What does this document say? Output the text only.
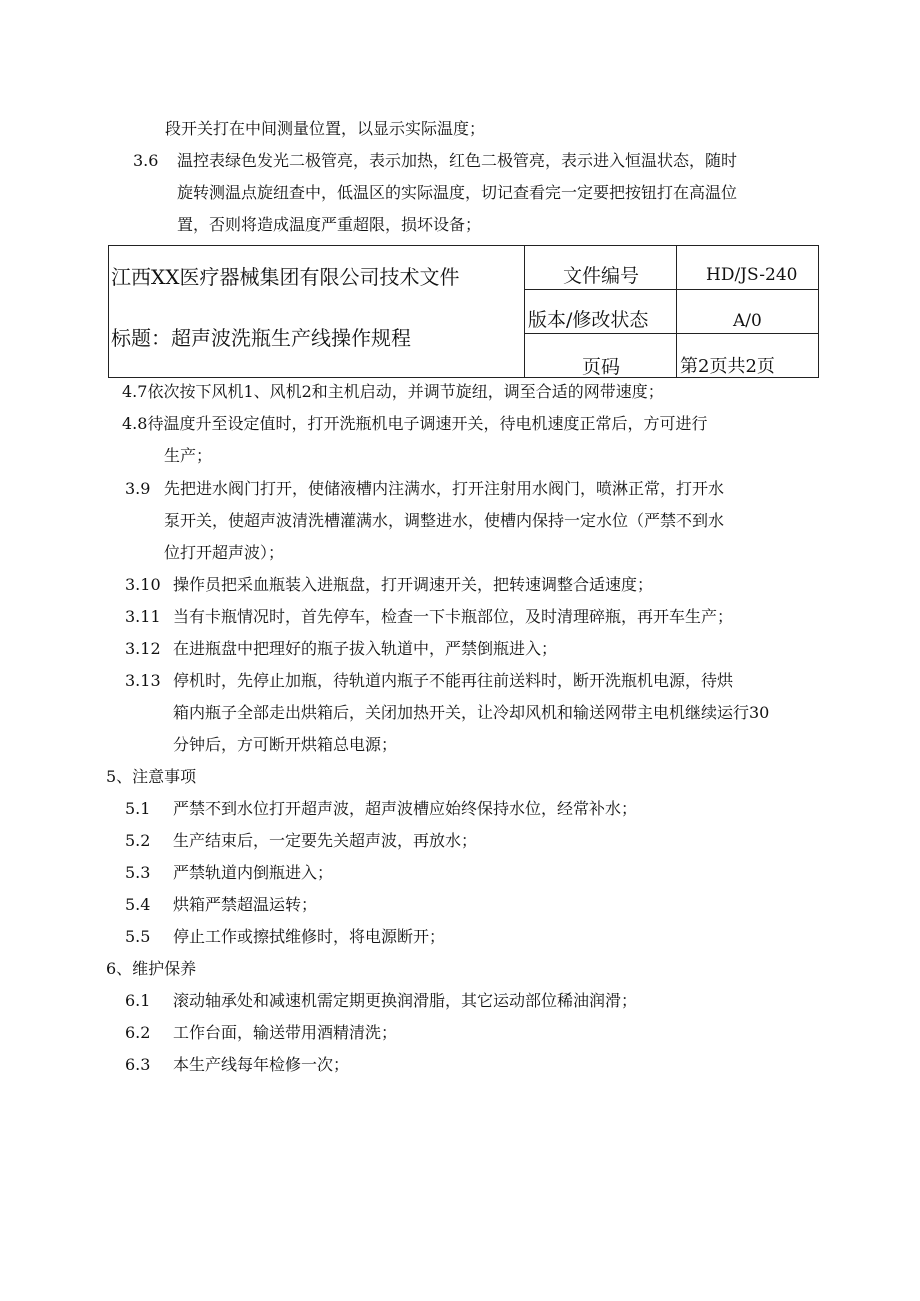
段开关打在中间测量位置，以显示实际温度；
3.6 温控表绿色发光二极管亮，表示加热，红色二极管亮，表示进入恒温状态，随时
旋转测温点旋纽查中，低温区的实际温度，切记查看完一定要把按钮打在高温位
置，否则将造成温度严重超限，损坏设备；
江西XX医疗器械集团有限公司技术文件	文件编号	HD/JS-240
标题：超声波洗瓶生产线操作规程
版本/修改状态	A/0
页码	第2页共2页
4.7依次按下风机1、风机2和主机启动，并调节旋纽，调至合适的网带速度；
4.8待温度升至设定值时，打开洗瓶机电子调速开关，待电机速度正常后，方可进行
生产；
3.9 先把进水阀门打开，使储液槽内注满水，打开注射用水阀门，喷淋正常，打开水
泵开关，使超声波清洗槽灌满水，调整进水，使槽内保持一定水位（严禁不到水
位打开超声波）；
3.10 操作员把采血瓶装入进瓶盘，打开调速开关，把转速调整合适速度；
3.11 当有卡瓶情况时，首先停车，检查一下卡瓶部位，及时清理碎瓶，再开车生产；
3.12 在进瓶盘中把理好的瓶子拔入轨道中，严禁倒瓶进入；
3.13 停机时，先停止加瓶，待轨道内瓶子不能再往前送料时，断开洗瓶机电源，待烘
箱内瓶子全部走出烘箱后，关闭加热开关，让冷却风机和输送网带主电机继续运行30
分钟后，方可断开烘箱总电源；
5、注意事项
5.1 严禁不到水位打开超声波，超声波槽应始终保持水位，经常补水；
5.2 生产结束后，一定要先关超声波，再放水；
5.3 严禁轨道内倒瓶进入；
5.4 烘箱严禁超温运转；
5.5 停止工作或擦拭维修时，将电源断开；
6、维护保养
6.1 滚动轴承处和减速机需定期更换润滑脂，其它运动部位稀油润滑；
6.2 工作台面，输送带用酒精清洗；
6.3 本生产线每年检修一次；
